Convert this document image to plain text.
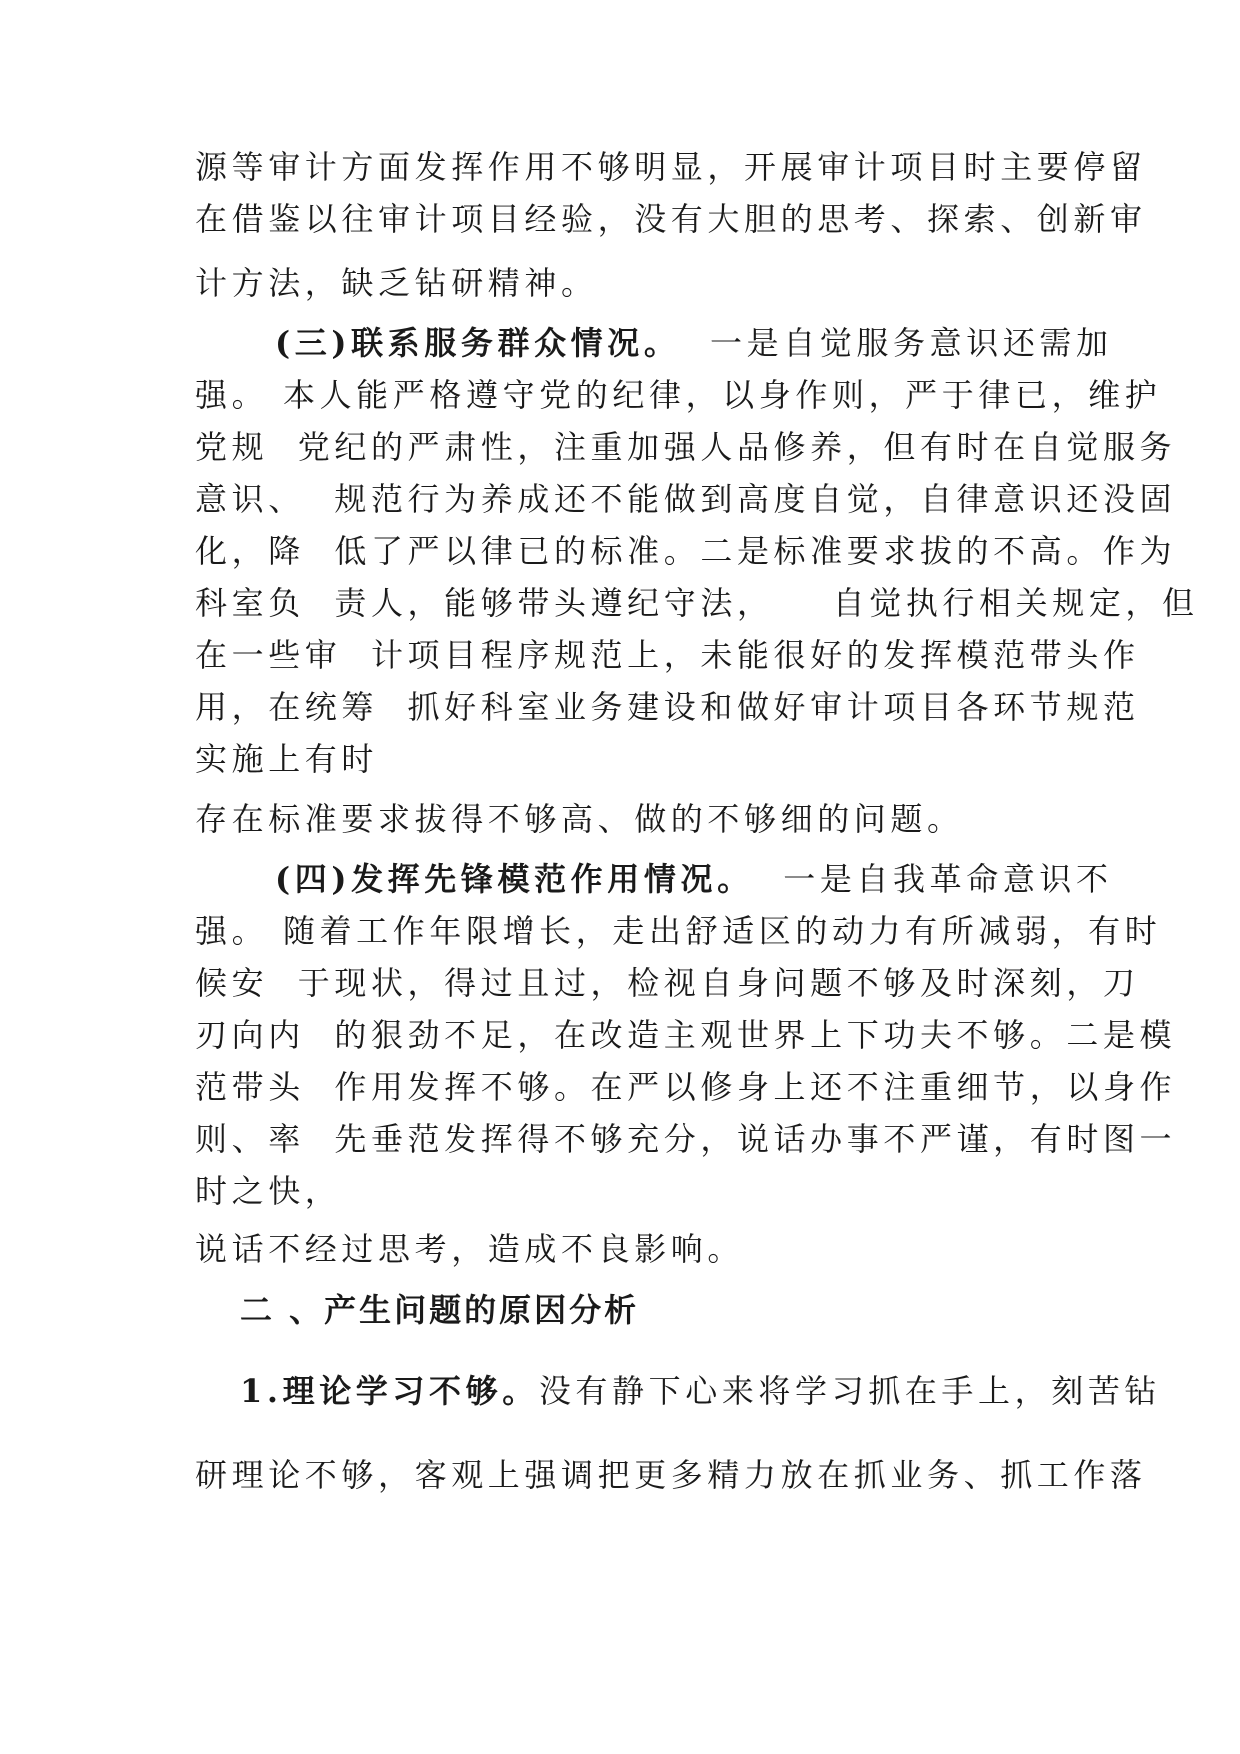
源等审计方面发挥作用不够明显，开展审计项目时主要停留
在借鉴以往审计项目经验，没有大胆的思考、探索、创新审
计方法，缺乏钻研精神。
(三)联系服务群众情况。 一是自觉服务意识还需加
强。 本人能严格遵守党的纪律，以身作则，严于律已，维护
党规  党纪的严肃性，注重加强人品修养，但有时在自觉服务
意识、  规范行为养成还不能做到高度自觉，自律意识还没固
化，降  低了严以律已的标准。二是标准要求拔的不高。作为
科室负  责人，能够带头遵纪守法，    自觉执行相关规定，但
在一些审  计项目程序规范上，未能很好的发挥模范带头作
用，在统筹  抓好科室业务建设和做好审计项目各环节规范
实施上有时
存在标准要求拔得不够高、做的不够细的问题。
(四)发挥先锋模范作用情况。 一是自我革命意识不
强。 随着工作年限增长，走出舒适区的动力有所减弱，有时
候安  于现状，得过且过，检视自身问题不够及时深刻，刀
刃向内  的狠劲不足，在改造主观世界上下功夫不够。二是模
范带头  作用发挥不够。在严以修身上还不注重细节，以身作
则、率  先垂范发挥得不够充分，说话办事不严谨，有时图一
时之快，
说话不经过思考，造成不良影响。
二 、产生问题的原因分析
1.理论学习不够。没有静下心来将学习抓在手上，刻苦钻
研理论不够，客观上强调把更多精力放在抓业务、抓工作落
